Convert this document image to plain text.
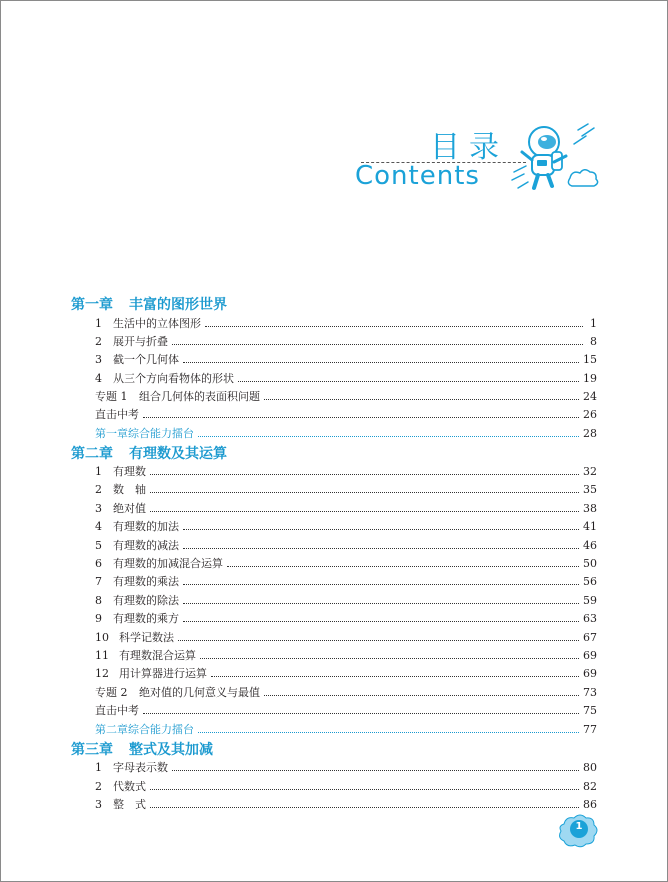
目录
Contents
第一章 丰富的图形世界
1	生活中的立体图形	1
2	展开与折叠	8
3	截一个几何体	15
4	从三个方向看物体的形状	19
专题 1	组合几何体的表面积问题	24
直击中考	26
第一章综合能力擂台	28
第二章 有理数及其运算
1	有理数	32
2	数　轴	35
3	绝对值	38
4	有理数的加法	41
5	有理数的减法	46
6	有理数的加减混合运算	50
7	有理数的乘法	56
8	有理数的除法	59
9	有理数的乘方	63
10 科学记数法	67
11 有理数混合运算	69
12 用计算器进行运算	69
专题 2	绝对值的几何意义与最值	73
直击中考	75
第二章综合能力擂台	77
第三章 整式及其加减
1	字母表示数	80
2	代数式	82
3	整　式	86
1
